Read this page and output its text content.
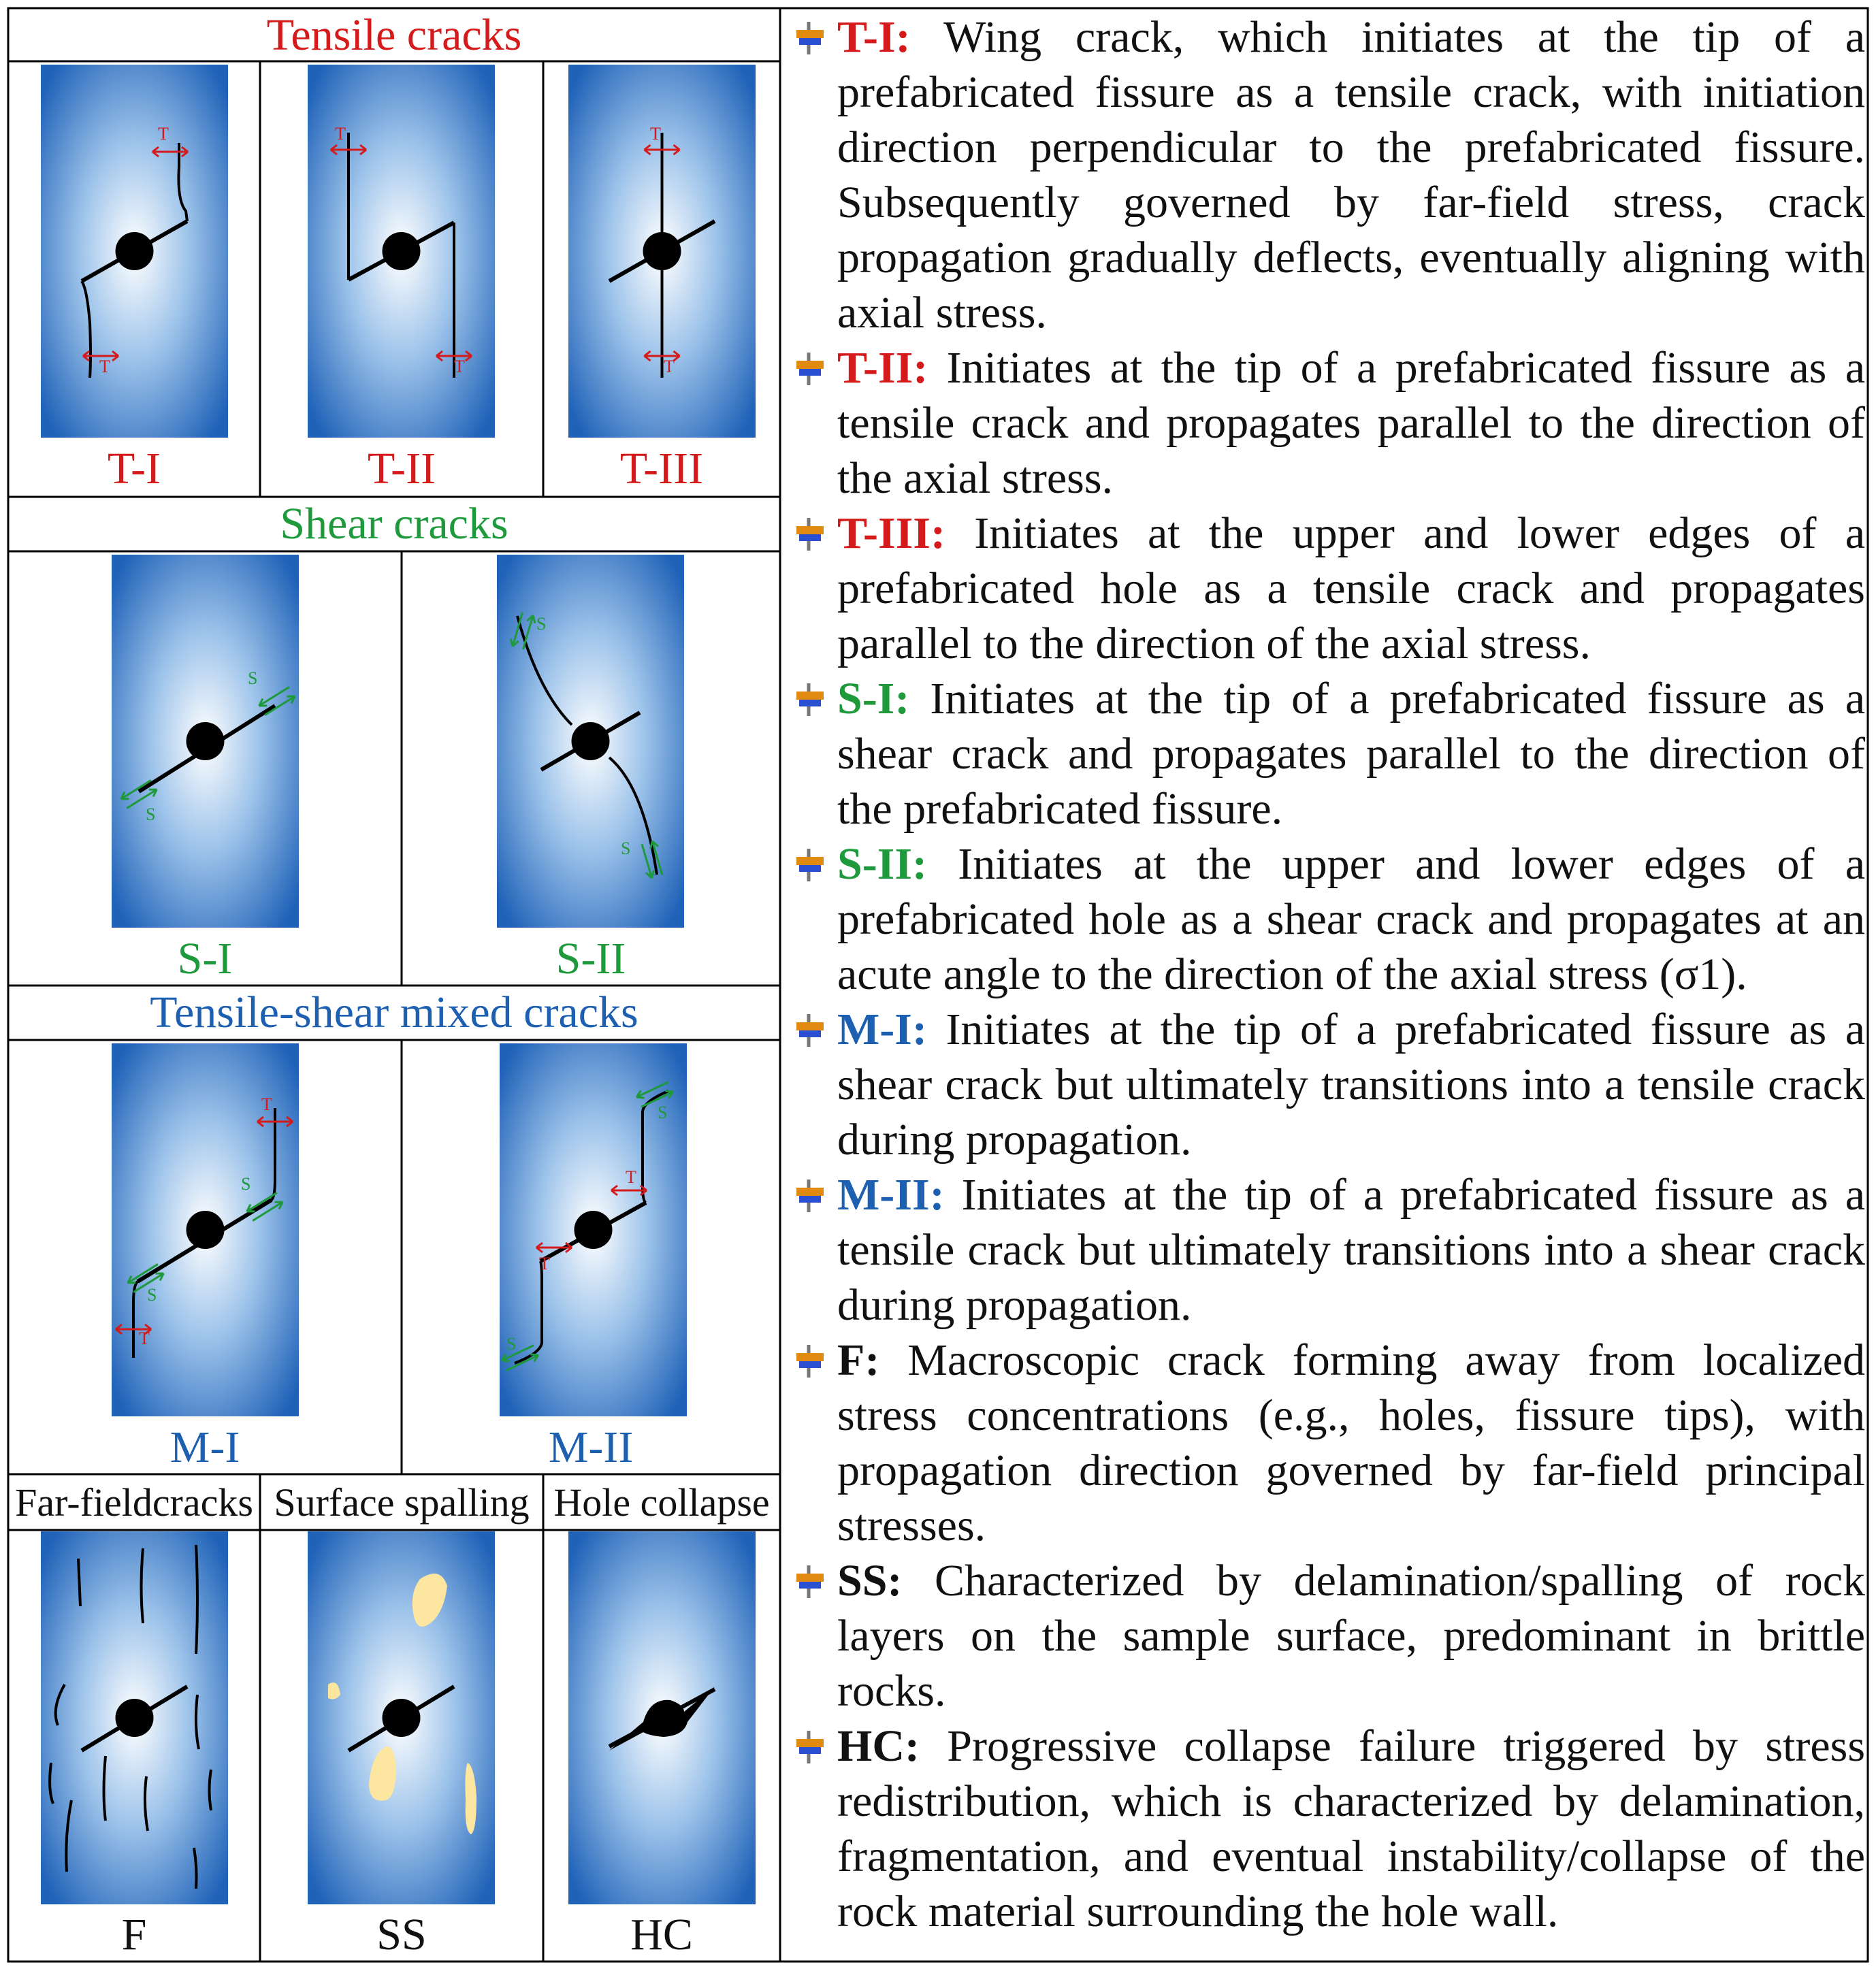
Tensile cracks
Shear cracks
Tensile-shear mixed cracks
Far-fieldcracks Surface spalling Hole collapse
T
T
T
T
T
T
S
S
S
S
S
S
T
T
T
T
S
S
T-I	T-II	T-III
S-I	S-II
M-I	M-II
F	SS	HC
T-I: Wing crack, which initiates at the tip of a prefabricated fissure as a tensile crack, with initiation direction perpendicular to the prefabricated fissure. Subsequently governed by far-field stress, crack propagation gradually deflects, eventually aligning with axial stress.
T-II: Initiates at the tip of a prefabricated fissure as a tensile crack and propagates parallel to the direction of the axial stress.
T-III: Initiates at the upper and lower edges of a prefabricated hole as a tensile crack and propagates parallel to the direction of the axial stress.
S-I: Initiates at the tip of a prefabricated fissure as a shear crack and propagates parallel to the direction of the prefabricated fissure.
S-II: Initiates at the upper and lower edges of a prefabricated hole as a shear crack and propagates at an acute angle to the direction of the axial stress (σ1).
M-I: Initiates at the tip of a prefabricated fissure as a shear crack but ultimately transitions into a tensile crack during propagation.
M-II: Initiates at the tip of a prefabricated fissure as a tensile crack but ultimately transitions into a shear crack during propagation.
F: Macroscopic crack forming away from localized stress concentrations (e.g., holes, fissure tips), with propagation direction governed by far-field principal stresses.
SS: Characterized by delamination/spalling of rock layers on the sample surface, predominant in brittle rocks.
HC: Progressive collapse failure triggered by stress redistribution, which is characterized by delamination, fragmentation, and eventual instability/collapse of the rock material surrounding the hole wall.
